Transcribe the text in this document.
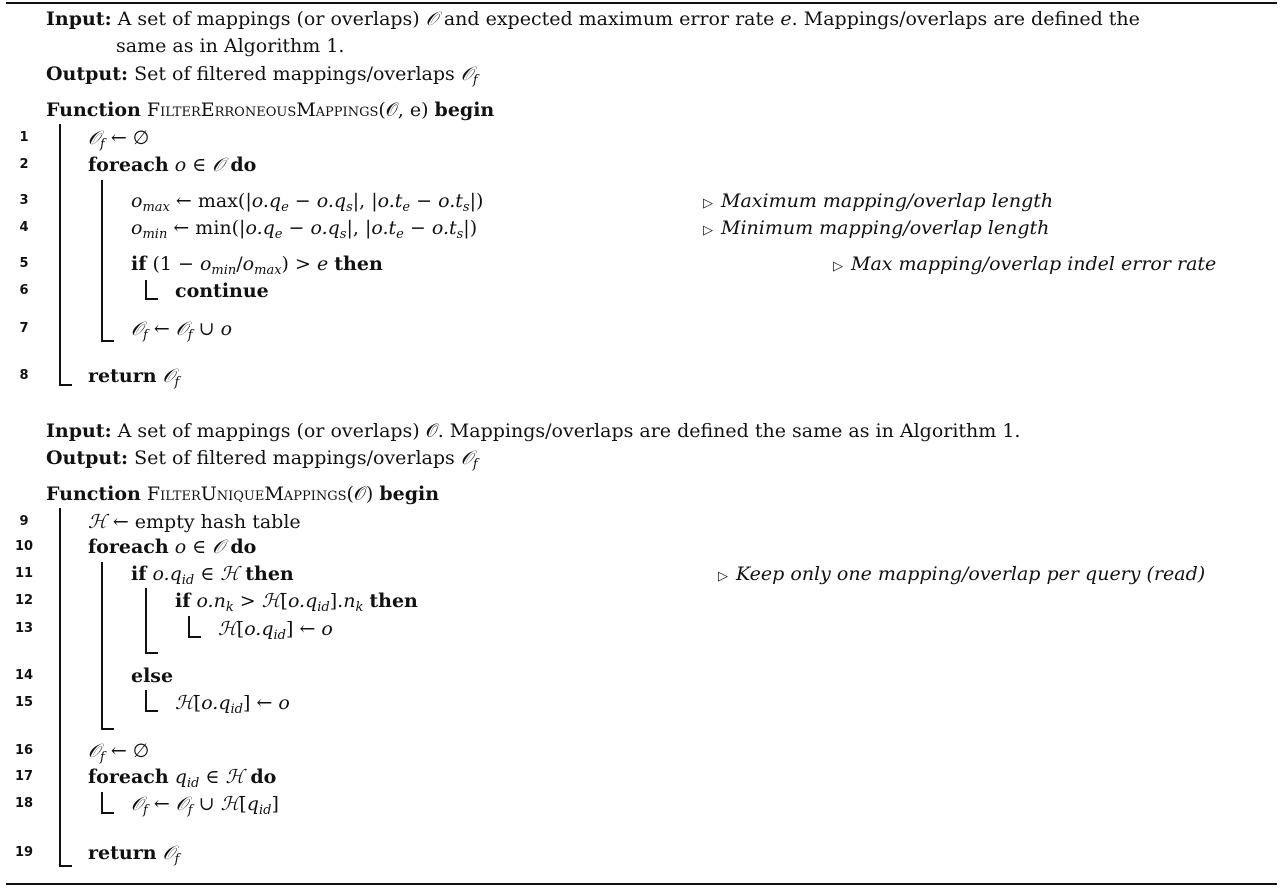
Input: A set of mappings (or overlaps) 𝒪 and expected maximum error rate e. Mappings/overlaps are defined the
same as in Algorithm 1.
Output: Set of filtered mappings/overlaps 𝒪$_f$
Function FilterErroneousMappings(𝒪, e) begin
1
2
3
4
5
6
7
8
𝒪$_f$ ← ∅
foreach o ∈ 𝒪 do
$o_{max}$ ← $\max(|o.q_e - o.q_s|$, $|o.t_e - o.t_s|$)	▷ Maximum mapping/overlap length
$o_{min}$ ← $\min(|o.q_e - o.q_s|$, $|o.t_e - o.t_s|$)	▷ Minimum mapping/overlap length
if $(1 - o_{min}/o_{max}) > e$ then	▷ Max mapping/overlap indel error rate
continue
𝒪$_f$ ← 𝒪$_f$ ∪ o
return 𝒪$_f$
Input: A set of mappings (or overlaps) 𝒪. Mappings/overlaps are defined the same as in Algorithm 1.
Output: Set of filtered mappings/overlaps 𝒪$_f$
Function FilterUniqueMappings(𝒪) begin
9
10
11
12
13
14
15
16
17
18
19
ℋ ← empty hash table
foreach o ∈ 𝒪 do
if $o.q_{id}$ ∈ ℋ then	▷ Keep only one mapping/overlap per query (read)
if $o.n_k$ > $ℋ[o.q_{id}].n_k$ then
$ℋ[o.q_{id}]$ ← o
else
$ℋ[o.q_{id}]$ ← o
𝒪$_f$ ← ∅
foreach $q_{id}$ ∈ ℋ do
𝒪$_f$ ← 𝒪$_f$ ∪ $ℋ[q_{id}]$
return 𝒪$_f$
